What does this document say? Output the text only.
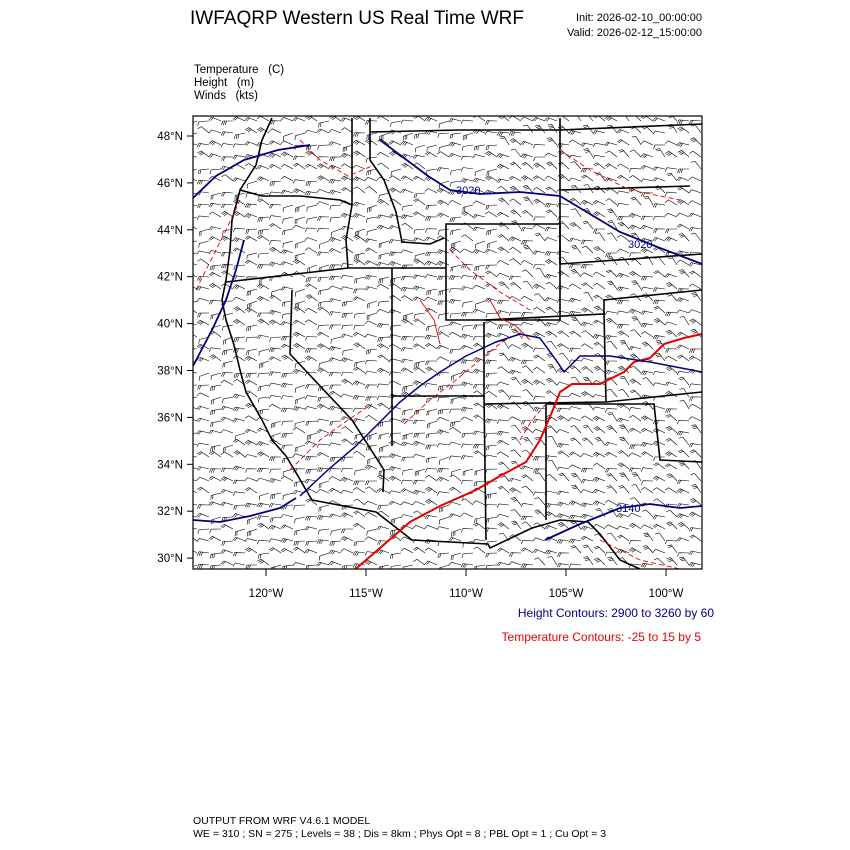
IWFAQRP Western US Real Time WRF	Init: 2026-02-10_00:00:00
Valid: 2026-02-12_15:00:00
Temperature (C)
Height (m)
Winds (kts)
48°N
46°N
44°N
42°N
40°N
38°N
36°N
34°N
32°N
30°N
120°W	115°W	110°W	105°W	100°W
3020
3020
3140
Height Contours: 2900 to 3260 by 60
Temperature Contours: -25 to 15 by 5
OUTPUT FROM WRF V4.6.1 MODEL
WE = 310 ; SN = 275 ; Levels = 38 ; Dis = 8km ; Phys Opt = 8 ; PBL Opt = 1 ; Cu Opt = 3
